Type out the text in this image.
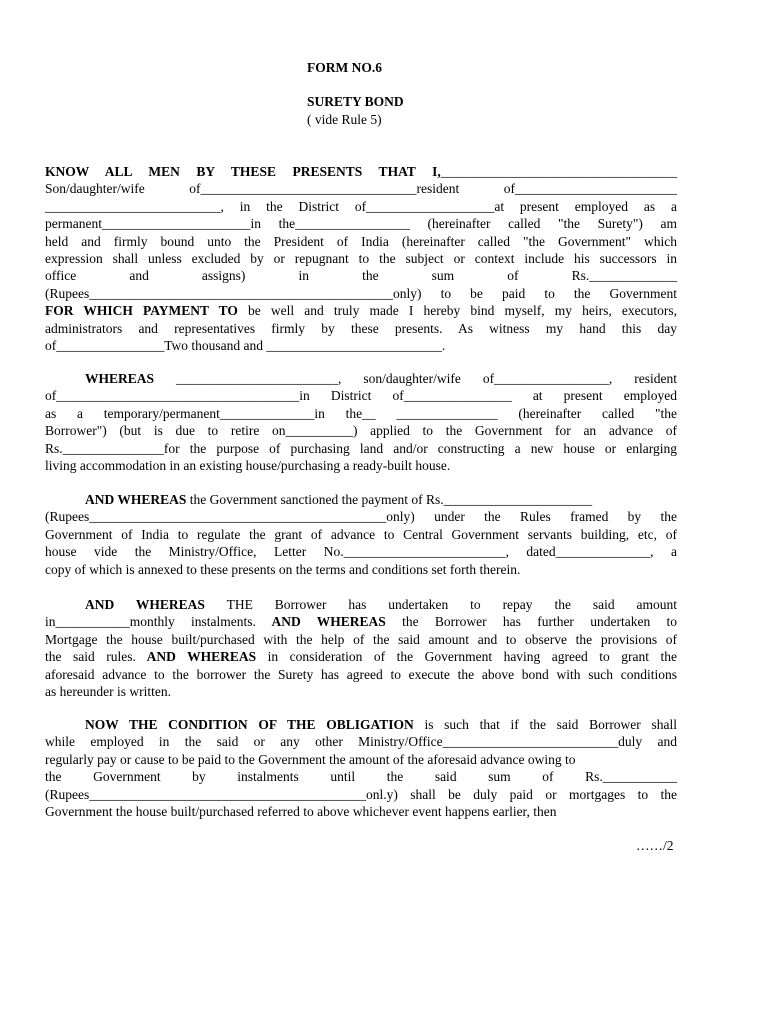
FORM NO.6
SURETY BOND
( vide Rule 5)
KNOW ALL MEN BY THESE PRESENTS THAT I,___________________________________
Son/daughter/wife of________________________________resident of________________________
__________________________, in the District of___________________at present employed as a
permanent______________________in the_________________ (hereinafter called "the Surety") am
held and firmly bound unto the President of India (hereinafter called "the Government" which
expression shall unless excluded by or repugnant to the subject or context include his successors in
office and assigns) in the sum of Rs._____________
(Rupees_____________________________________________only) to be paid to the Government
FOR WHICH PAYMENT TO be well and truly made I hereby bind myself, my heirs, executors,
administrators and representatives firmly by these presents. As witness my hand this day
of________________Two thousand and __________________________.
WHEREAS ________________________, son/daughter/wife of_________________, resident
of____________________________________in District of________________ at present employed
as a temporary/permanent______________in the__ _______________ (hereinafter called "the
Borrower") (but is due to retire on__________) applied to the Government for an advance of
Rs._______________for the purpose of purchasing land and/or constructing a new house or enlarging
living accommodation in an existing house/purchasing a ready-built house.
AND WHEREAS the Government sanctioned the payment of Rs.______________________
(Rupees____________________________________________only) under the Rules framed by the
Government of India to regulate the grant of advance to Central Government servants building, etc, of
house vide the Ministry/Office, Letter No.________________________, dated______________, a
copy of which is annexed to these presents on the terms and conditions set forth therein.
AND WHEREAS THE Borrower has undertaken to repay the said amount
in___________monthly instalments. AND WHEREAS the Borrower has further undertaken to
Mortgage the house built/purchased with the help of the said amount and to observe the provisions of
the said rules. AND WHEREAS in consideration of the Government having agreed to grant the
aforesaid advance to the borrower the Surety has agreed to execute the above bond with such conditions
as hereunder is written.
NOW THE CONDITION OF THE OBLIGATION is such that if the said Borrower shall
while employed in the said or any other Ministry/Office__________________________duly and
regularly pay or cause to be paid to the Government the amount of the aforesaid advance owing to
the Government by instalments until the said sum of Rs.___________
(Rupees_________________________________________onl.y) shall be duly paid or mortgages to the
Government the house built/purchased referred to above whichever event happens earlier, then
……/2
